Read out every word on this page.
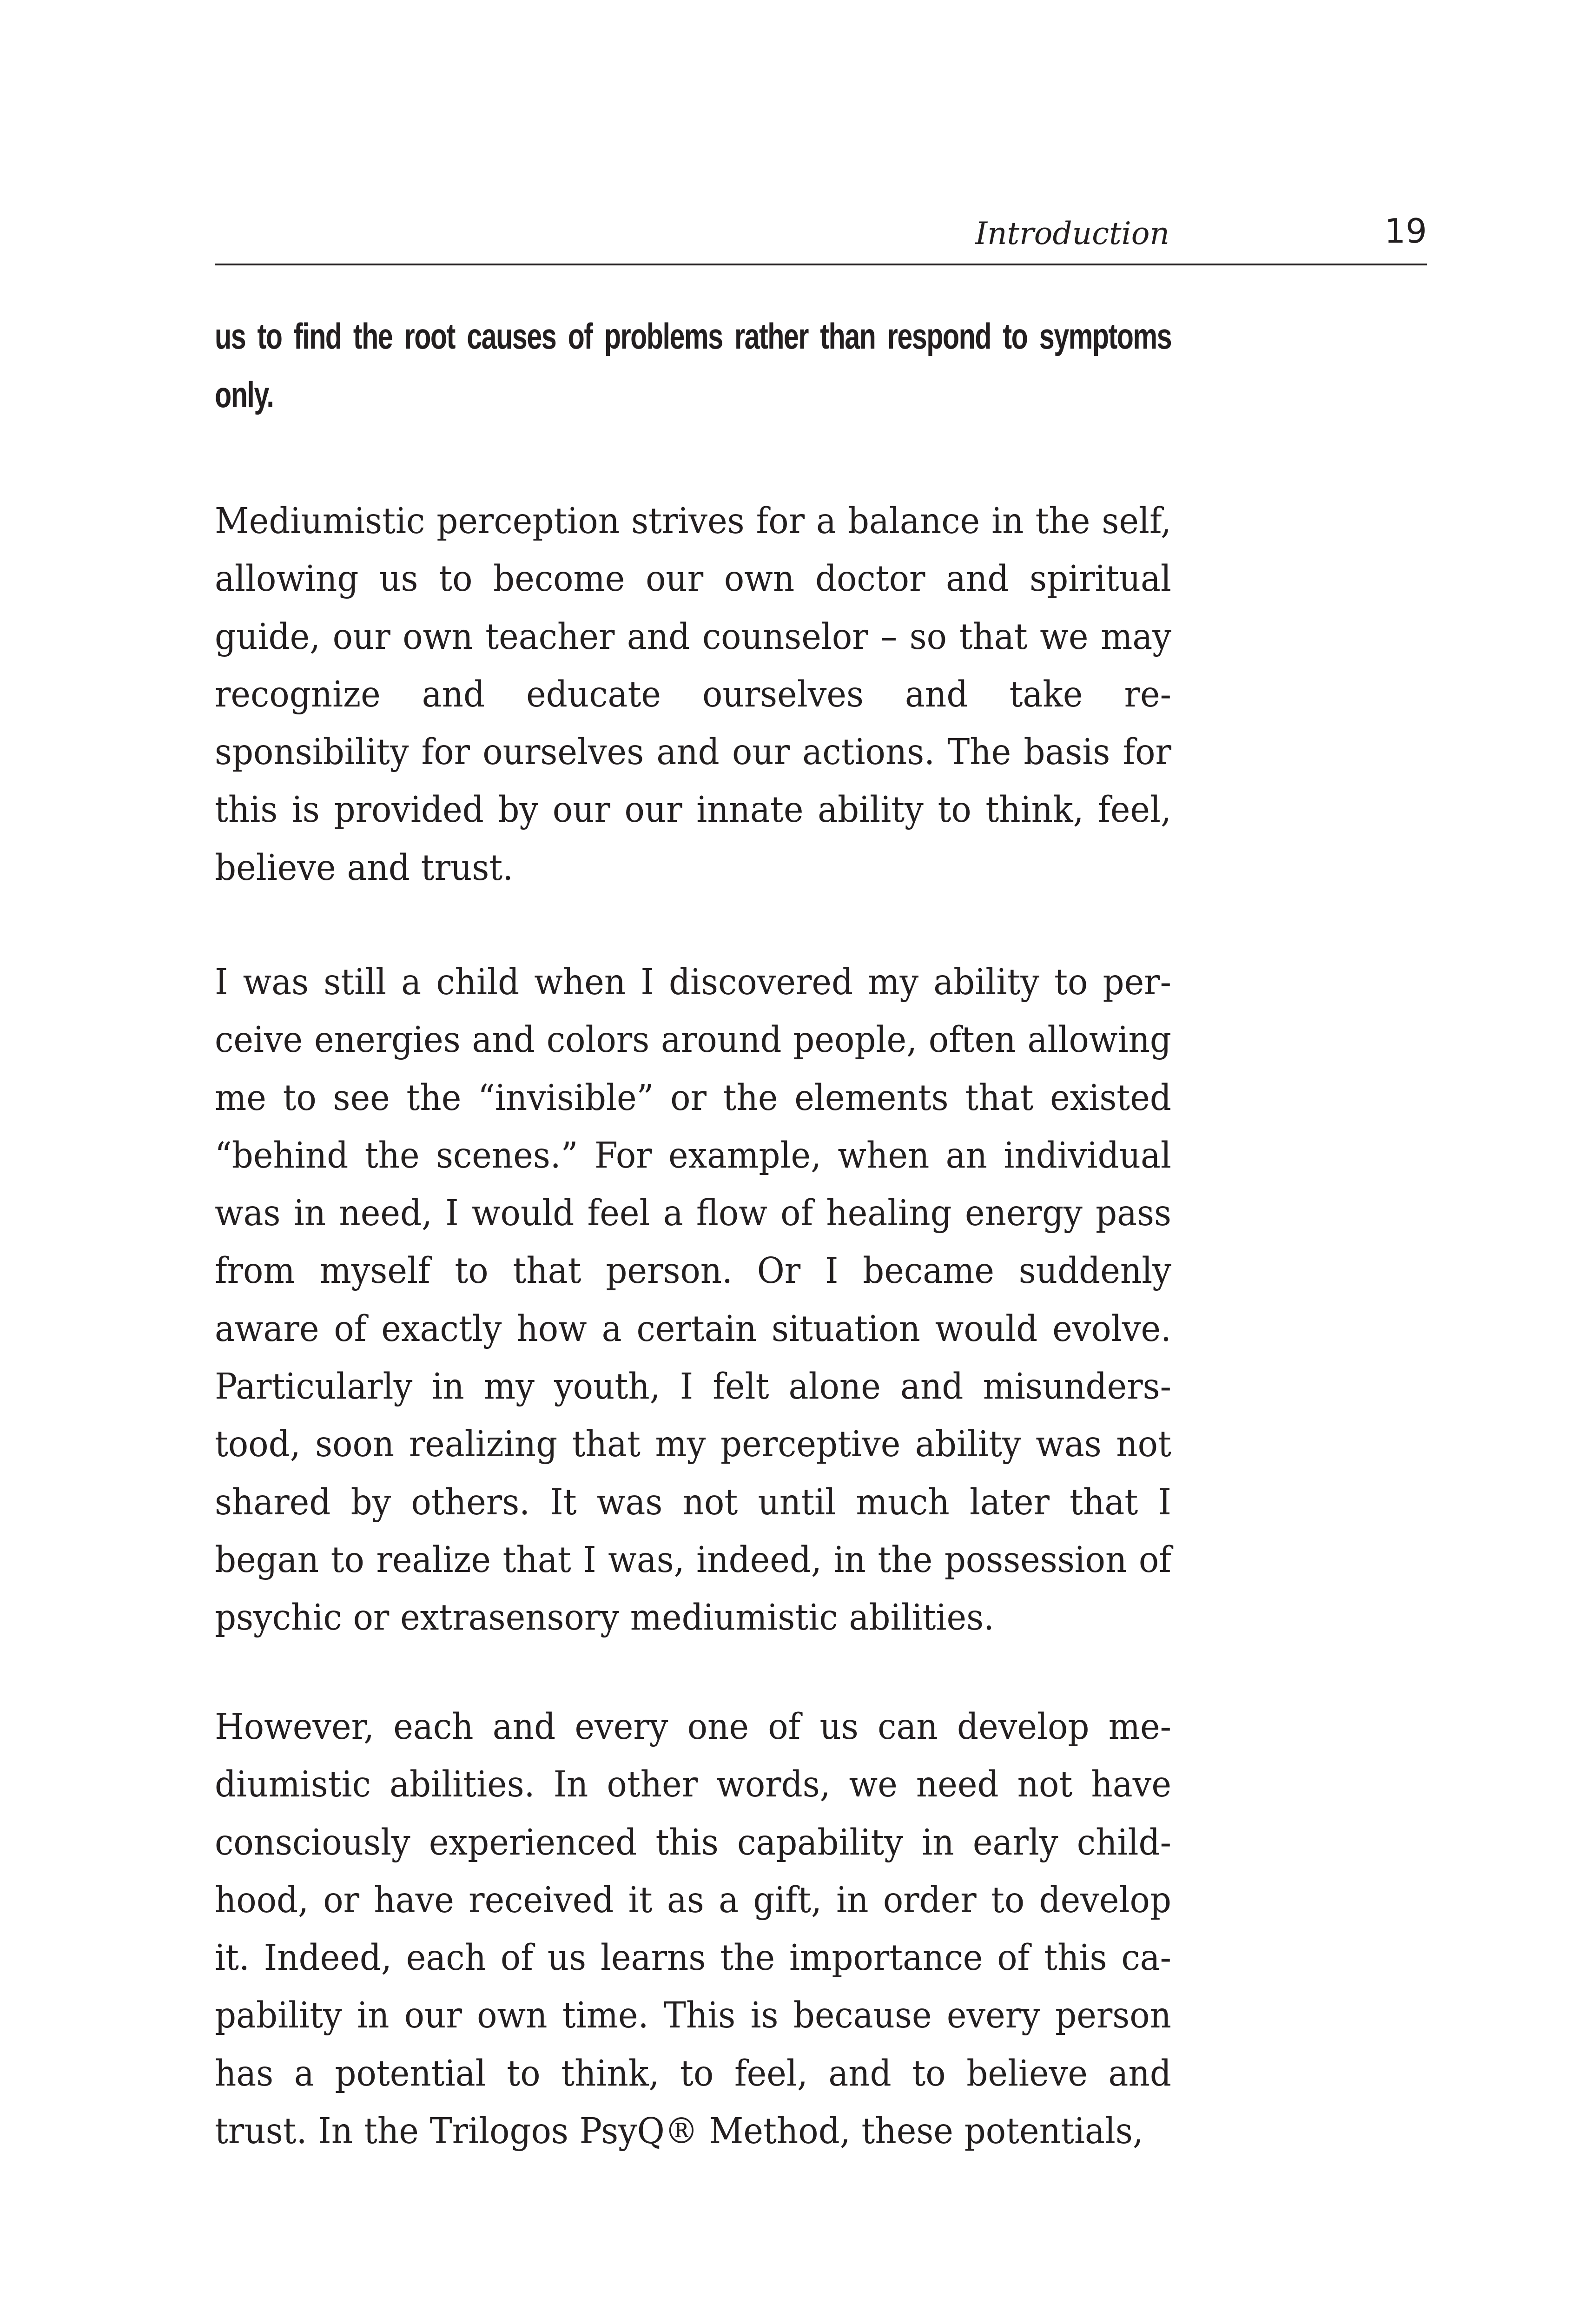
Introduction	19

us to find the root causes of problems rather than respond to symptoms only.

Mediumistic perception strives for a balance in the self, allowing us to become our own doctor and spiritual guide, our own teacher and counselor – so that we may recognize and educate ourselves and take responsibility for ourselves and our actions. The basis for this is provided by our our innate ability to think, feel, believe and trust.

I was still a child when I discovered my ability to perceive energies and colors around people, often allowing me to see the “invisible” or the elements that existed “behind the scenes.” For example, when an individual was in need, I would feel a flow of healing energy pass from myself to that person. Or I became suddenly aware of exactly how a certain situation would evolve. Particularly in my youth, I felt alone and misunderstood, soon realizing that my perceptive ability was not shared by others. It was not until much later that I began to realize that I was, indeed, in the possession of psychic or extrasensory mediumistic abilities.

However, each and every one of us can develop mediumistic abilities. In other words, we need not have consciously experienced this capability in early childhood, or have received it as a gift, in order to develop it. Indeed, each of us learns the importance of this capability in our own time. This is because every person has a potential to think, to feel, and to believe and trust. In the Trilogos PsyQ® Method, these potentials,
